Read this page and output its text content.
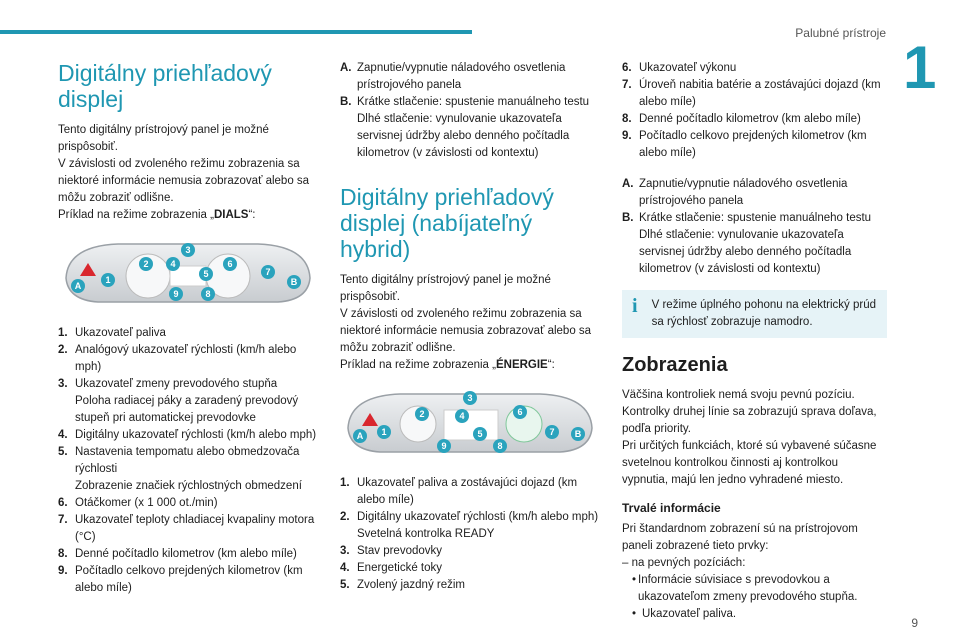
Palubné prístroje
1
Digitálny priehľadový displej

Tento digitálny prístrojový panel je možné prispôsobiť.
V závislosti od zvoleného režimu zobrazenia sa niektoré informácie nemusia zobrazovať alebo sa môžu zobraziť odlišne.

Príklad na režime zobrazenia „DIALS“:

A
1
2
3
4
5
6
7
B
8
9
1. Ukazovateľ paliva
2. Analógový ukazovateľ rýchlosti (km/h alebo mph)
3. Ukazovateľ zmeny prevodového stupňa
Poloha radiacej páky a zaradený prevodový stupeň pri automatickej prevodovke
4. Digitálny ukazovateľ rýchlosti (km/h alebo mph)
5. Nastavenia tempomatu alebo obmedzovača rýchlosti
Zobrazenie značiek rýchlostných obmedzení
6. Otáčkomer (x 1 000 ot./min)
7. Ukazovateľ teploty chladiacej kvapaliny motora (°C)
8. Denné počítadlo kilometrov (km alebo míle)
9. Počítadlo celkovo prejdených kilometrov (km alebo míle)
A. Zapnutie/vypnutie náladového osvetlenia prístrojového panela
B. Krátke stlačenie: spustenie manuálneho testu
Dlhé stlačenie: vynulovanie ukazovateľa servisnej údržby alebo denného počítadla kilometrov (v závislosti od kontextu)
Digitálny priehľadový displej (nabíjateľný hybrid)

Tento digitálny prístrojový panel je možné prispôsobiť.
V závislosti od zvoleného režimu zobrazenia sa niektoré informácie nemusia zobrazovať alebo sa môžu zobraziť odlišne.

Príklad na režime zobrazenia „ÉNERGIE“:

A 1
2
3
4
5
6
7 B
8
9
1. Ukazovateľ paliva a zostávajúci dojazd (km alebo míle)
2. Digitálny ukazovateľ rýchlosti (km/h alebo mph)
Svetelná kontrolka READY
3. Stav prevodovky
4. Energetické toky
5. Zvolený jazdný režim
6. Ukazovateľ výkonu
7. Úroveň nabitia batérie a zostávajúci dojazd (km alebo míle)
8. Denné počítadlo kilometrov (km alebo míle)
9. Počítadlo celkovo prejdených kilometrov (km alebo míle)
A. Zapnutie/vypnutie náladového osvetlenia prístrojového panela
B. Krátke stlačenie: spustenie manuálneho testu
Dlhé stlačenie: vynulovanie ukazovateľa servisnej údržby alebo denného počítadla kilometrov (v závislosti od kontextu)
i	V režime úplného pohonu na elektrický prúd sa rýchlosť zobrazuje namodro.
Zobrazenia

Väčšina kontroliek nemá svoju pevnú pozíciu. Kontrolky druhej línie sa zobrazujú sprava doľava, podľa priority.
Pri určitých funkciách, ktoré sú vybavené súčasne svetelnou kontrolkou činnosti aj kontrolkou vypnutia, majú len jedno vyhradené miesto.

Trvalé informácie

Pri štandardnom zobrazení sú na prístrojovom paneli zobrazené tieto prvky:

– na pevných pozíciách:
• Informácie súvisiace s prevodovkou a ukazovateľom zmeny prevodového stupňa.
• Ukazovateľ paliva.
9
